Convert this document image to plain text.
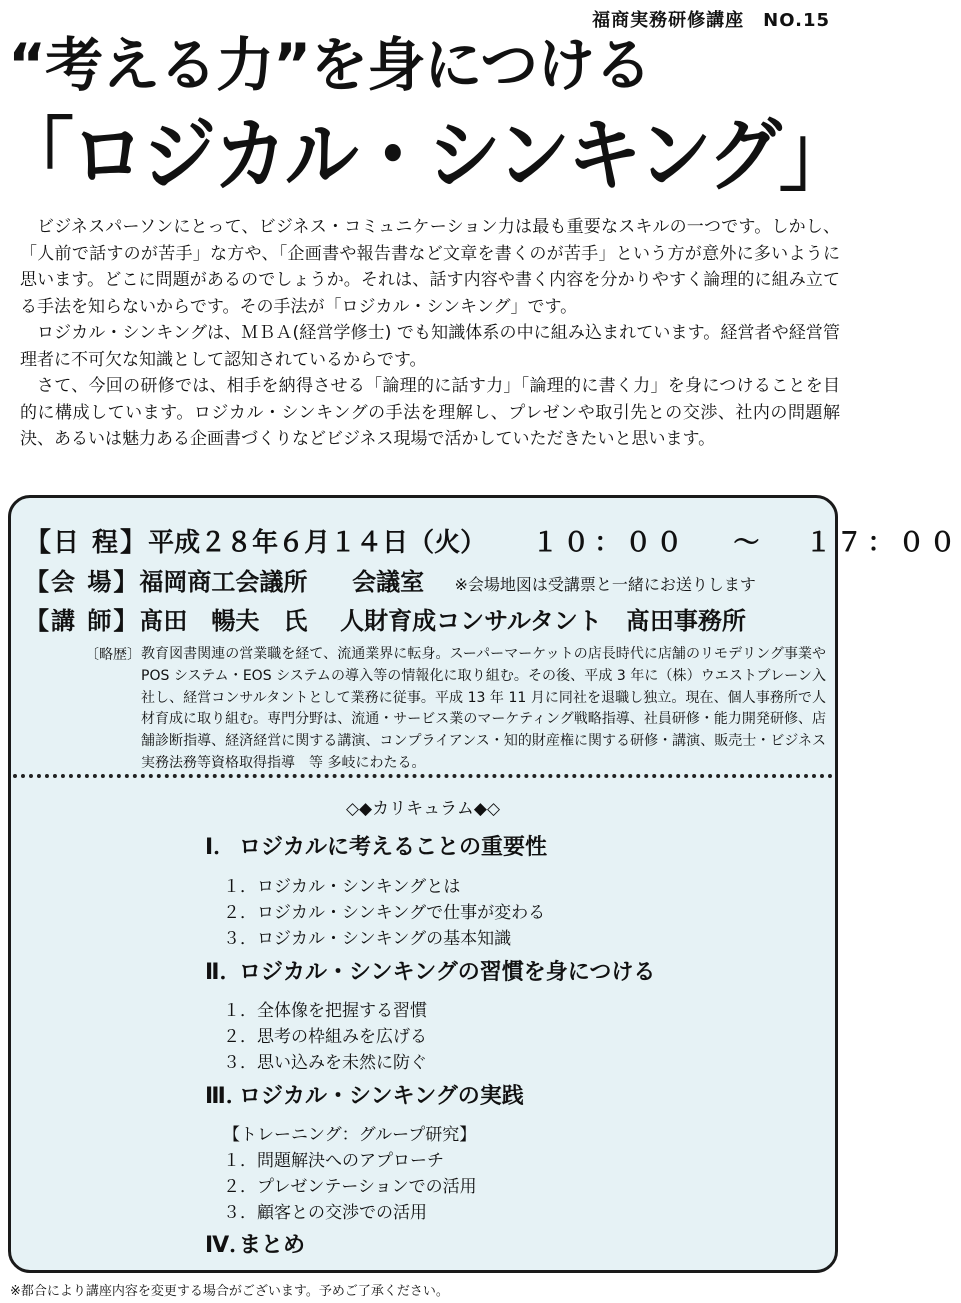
福商実務研修講座　NO.15
“考える力”を身につける
「ロジカル・シンキング」

ビジネスパーソンにとって、ビジネス・コミュニケーション力は最も重要なスキルの一つです。しかし、「人前で話すのが苦手」な方や、「企画書や報告書など文章を書くのが苦手」という方が意外に多いように思います。どこに問題があるのでしょうか。それは、話す内容や書く内容を分かりやすく論理的に組み立てる手法を知らないからです。その手法が「ロジカル・シンキング」です。

ロジカル・シンキングは、ＭＢＡ(経営学修士) でも知識体系の中に組み込まれています。経営者や経営管理者に不可欠な知識として認知されているからです。

さて、今回の研修では、相手を納得させる「論理的に話す力」「論理的に書く力」を身につけることを目的に構成しています。ロジカル・シンキングの手法を理解し、プレゼンや取引先との交渉、社内の問題解決、あるいは魅力ある企画書づくりなどビジネス現場で活かしていただきたいと思います。

【日 程】平成２８年６月１４日（火） １０：００ ～ １７：００
【会 場】福岡商工会議所 会議室 ※会場地図は受講票と一緒にお送りします
【講 師】髙田　暢夫　氏 人財育成コンサルタント　髙田事務所
〔略歴〕 教育図書関連の営業職を経て、流通業界に転身。スーパーマーケットの店長時代に店舗のリモデリング事業や POS システム・EOS システムの導入等の情報化に取り組む。その後、平成 3 年に（株）ウエストブレーン入社し、経営コンサルタントとして業務に従事。平成 13 年 11 月に同社を退職し独立。現在、個人事務所で人材育成に取り組む。専門分野は、流通・サービス業のマーケティング戦略指導、社員研修・能力開発研修、店舗診断指導、経済経営に関する講演、コンプライアンス・知的財産権に関する研修・講演、販売士・ビジネス実務法務等資格取得指導　等 多岐にわたる。
◇◆カリキュラム◆◇
Ⅰ． ロジカルに考えることの重要性
１．ロジカル・シンキングとは
２．ロジカル・シンキングで仕事が変わる
３．ロジカル・シンキングの基本知識
Ⅱ．ロジカル・シンキングの習慣を身につける
１．全体像を把握する習慣
２．思考の枠組みを広げる
３．思い込みを未然に防ぐ
Ⅲ．ロジカル・シンキングの実践
【トレーニング：グループ研究】
１．問題解決へのアプローチ
２．プレゼンテーションでの活用
３．顧客との交渉での活用
Ⅳ．まとめ
※都合により講座内容を変更する場合がございます。予めご了承ください。
